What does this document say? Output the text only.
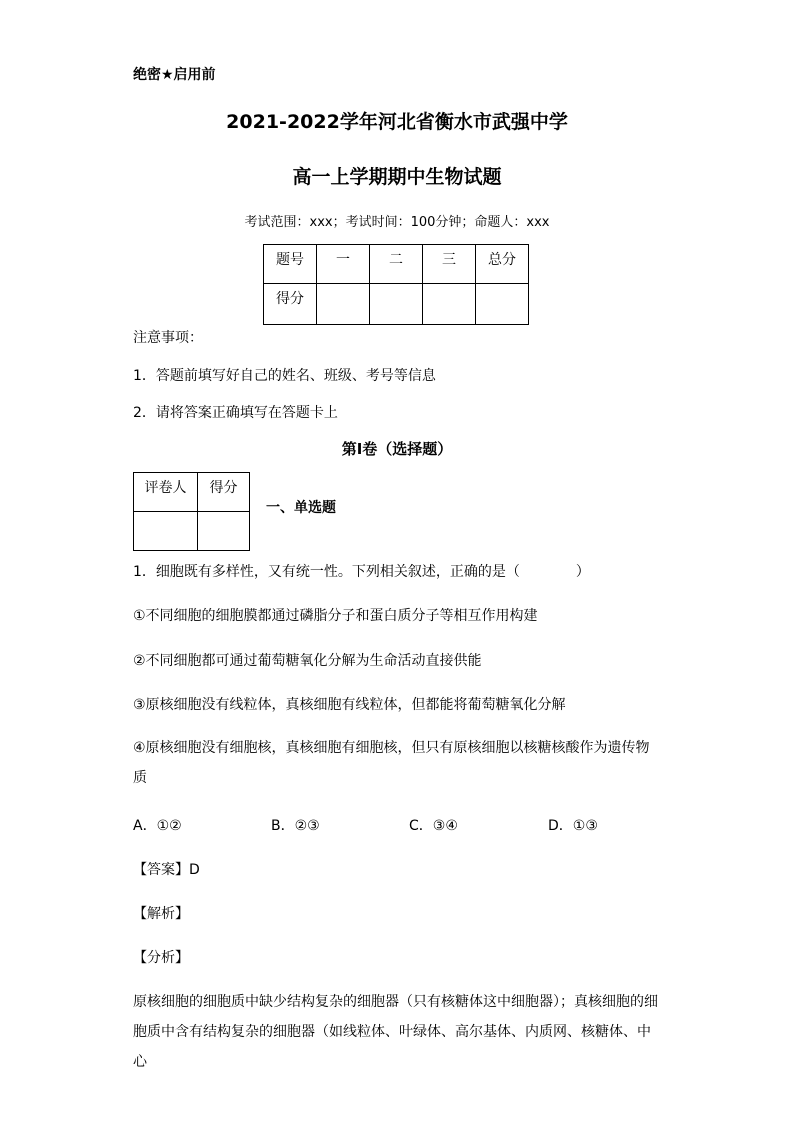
绝密★启用前
2021-2022学年河北省衡水市武强中学
高一上学期期中生物试题
考试范围：xxx；考试时间：100分钟；命题人：xxx
题号	一	二	三	总分
得分				
注意事项：
1．答题前填写好自己的姓名、班级、考号等信息
2．请将答案正确填写在答题卡上
第I卷（选择题）
评卷人	得分

一、单选题
1．细胞既有多样性，又有统一性。下列相关叙述，正确的是（　　　　）
①不同细胞的细胞膜都通过磷脂分子和蛋白质分子等相互作用构建
②不同细胞都可通过葡萄糖氧化分解为生命活动直接供能
③原核细胞没有线粒体，真核细胞有线粒体，但都能将葡萄糖氧化分解
④原核细胞没有细胞核，真核细胞有细胞核，但只有原核细胞以核糖核酸作为遗传物质
A．①②	B．②③	C．③④	D．①③
【答案】D
【解析】
【分析】
原核细胞的细胞质中缺少结构复杂的细胞器（只有核糖体这中细胞器）；真核细胞的细胞质中含有结构复杂的细胞器（如线粒体、叶绿体、高尔基体、内质网、核糖体、中心
